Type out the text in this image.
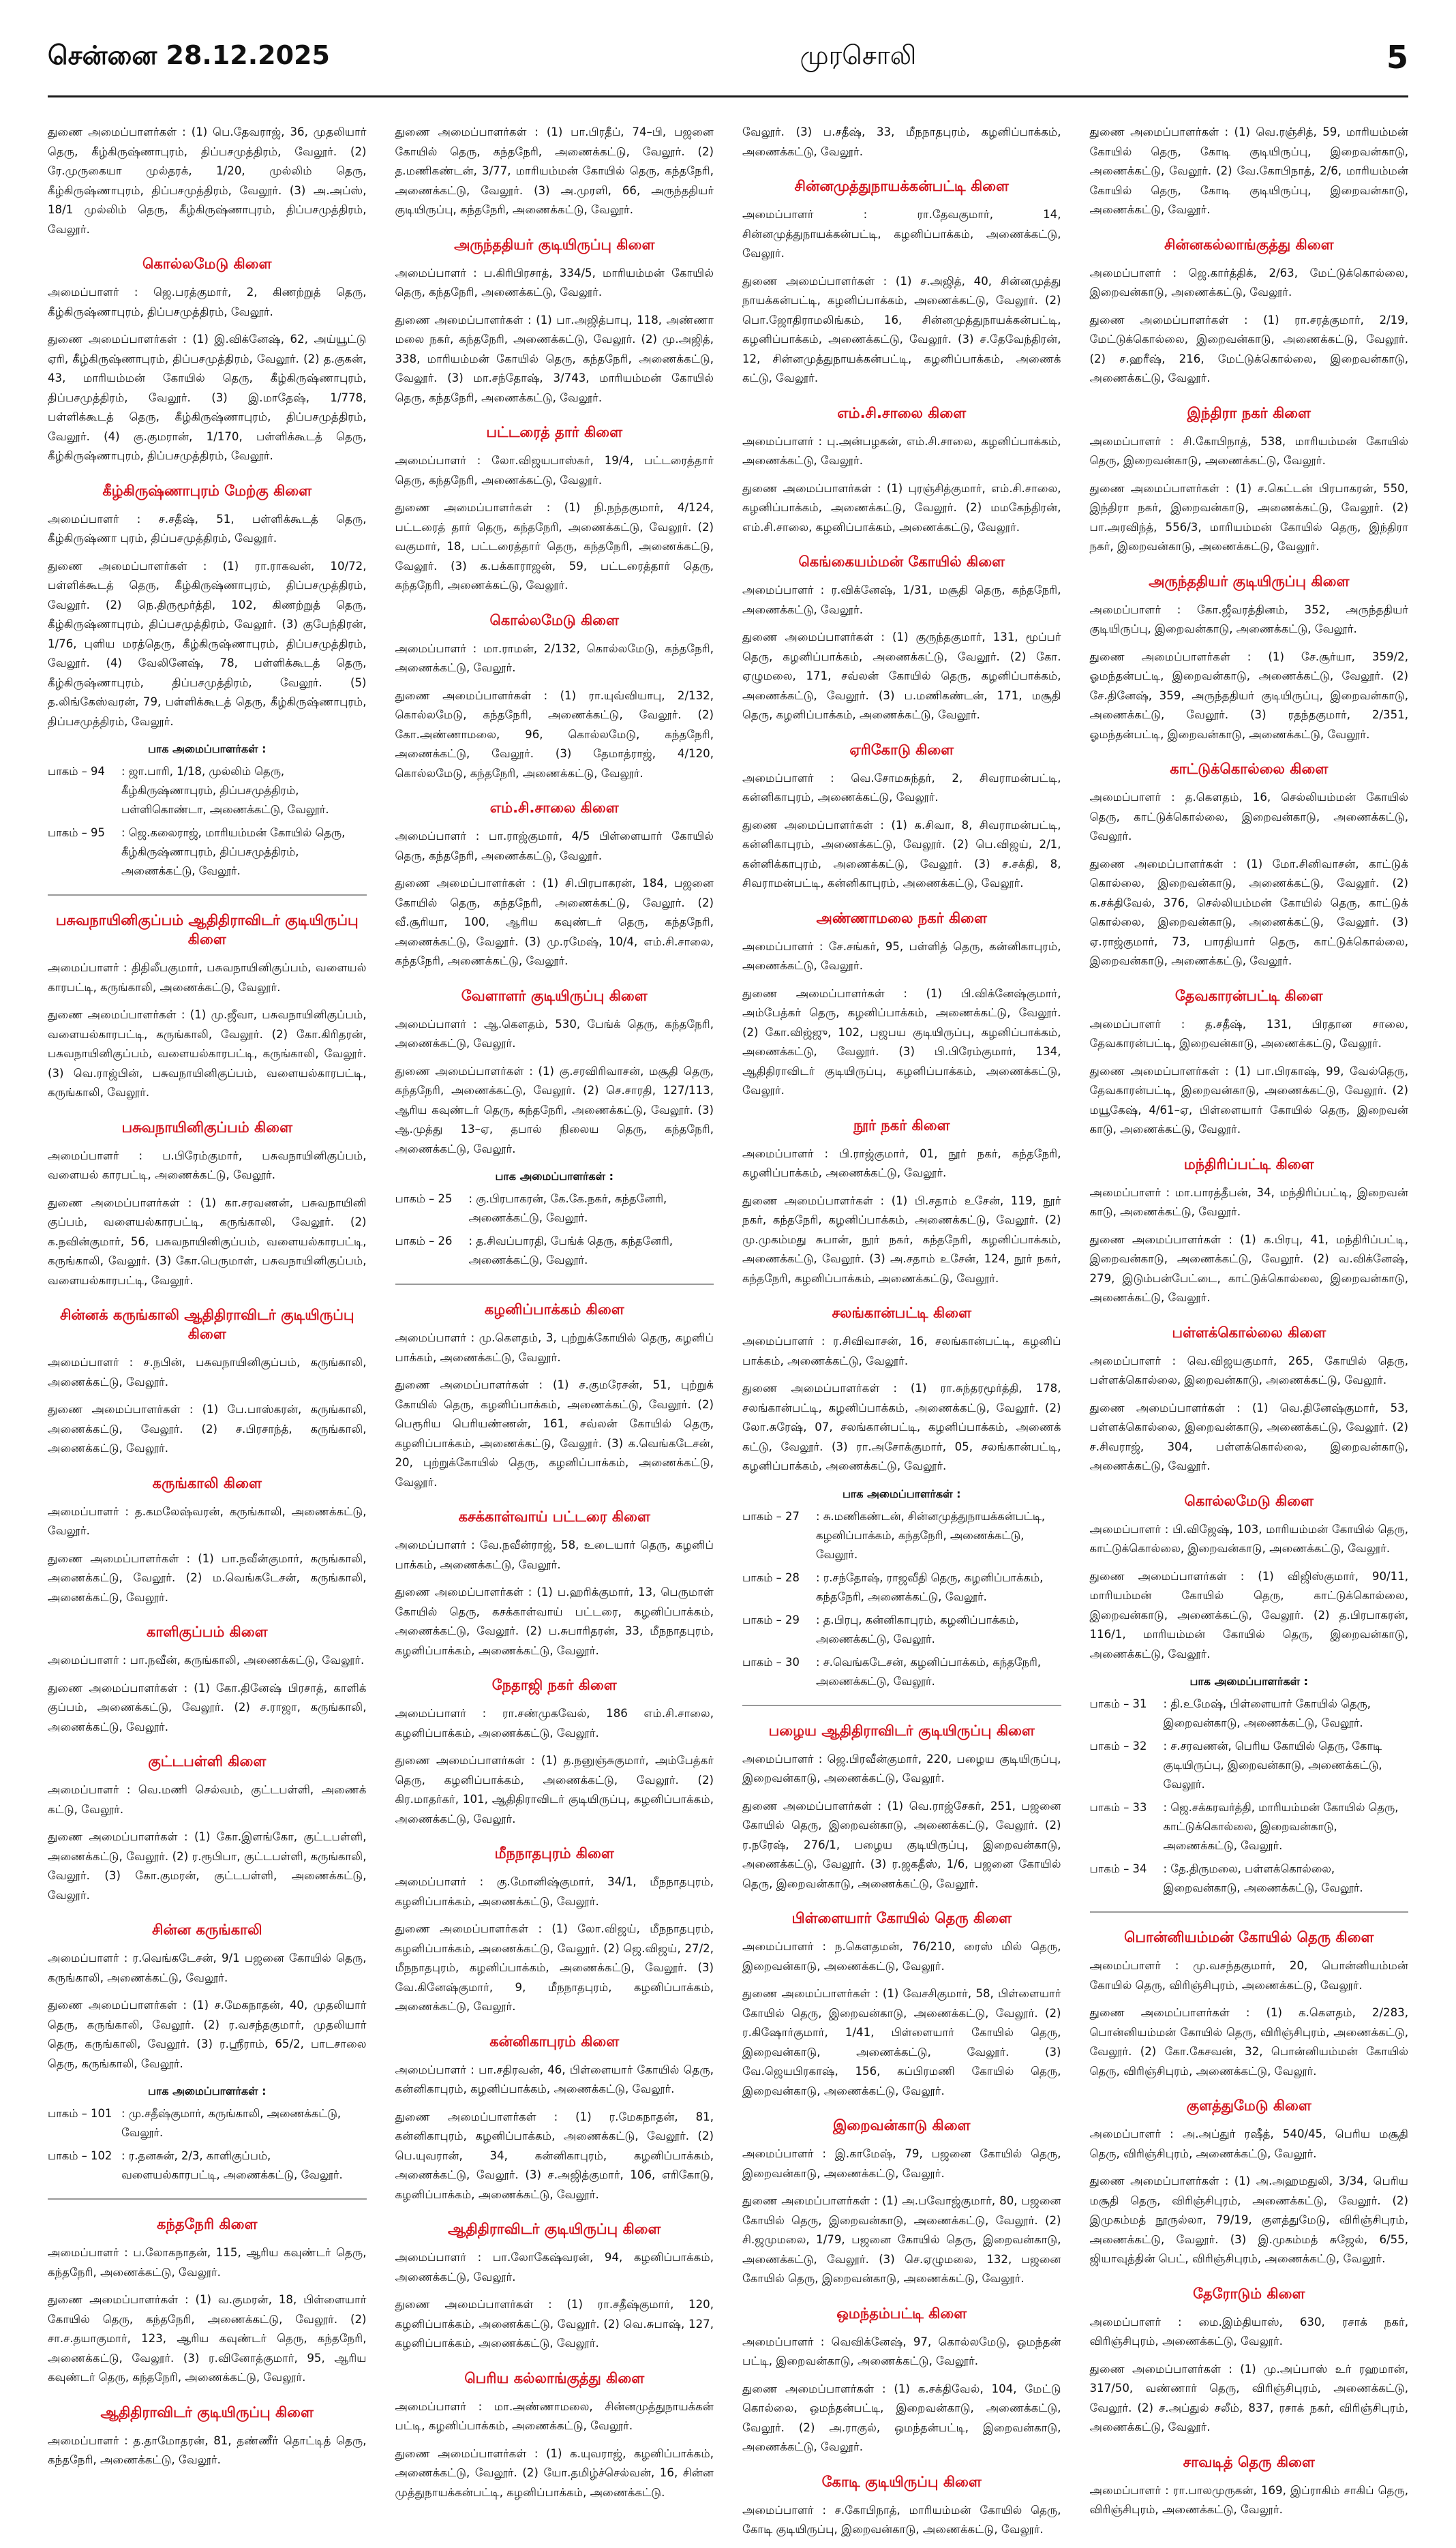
சென்னை 28.12.2025	முரசொலி	5

துணை அமைப்பாளர்கள் : (1) பெ.தேவராஜ், 36, முதலியார் தெரு, கீழ்கிருஷ்ணாபுரம், திப்பசமுத்திரம், வேலூர். (2) ரே.முருகையா முல்தரக், 1/20, முல்லிம் தெரு, கீழ்கிருஷ்ணாபுரம், திப்பசமுத்திரம், வேலூர். (3) அ.அப்ஸ், 18/1 முல்லிம் தெரு, கீழ்கிருஷ்ணாபுரம், திப்பசமுத்திரம், வேலூர்.

கொல்லமேடு கிளை

அமைப்பாளர் : ஜெ.பரத்குமார், 2, கிணற்றுத் தெரு, கீழ்கிருஷ்ணாபுரம், திப்பசமுத்திரம், வேலூர்.

துணை அமைப்பாளர்கள் : (1) இ.விக்னேஷ், 62, அய்யூட்டு ஏரி, கீழ்கிருஷ்ணாபுரம், திப்பசமுத்திரம், வேலூர். (2) த.குகன், 43, மாரியம்மன் கோயில் தெரு, கீழ்கிருஷ்ணாபுரம், திப்பசமுத்திரம், வேலூர். (3) இ.மாதேஷ், 1/778, பள்ளிக்கூடத் தெரு, கீழ்கிருஷ்ணாபுரம், திப்பசமுத்திரம், வேலூர். (4) கு.குமரான், 1/170, பள்ளிக்கூடத் தெரு, கீழ்கிருஷ்ணாபுரம், திப்பசமுத்திரம், வேலூர்.

கீழ்கிருஷ்ணாபுரம் மேற்கு கிளை

அமைப்பாளர் : ச.சதீஷ், 51, பள்ளிக்கூடத் தெரு, கீழ்கிருஷ்ணா புரம், திப்பசமுத்திரம், வேலூர்.

துணை அமைப்பாளர்கள் : (1) ரா.ராகவன், 10/72, பள்ளிக்கூடத் தெரு, கீழ்கிருஷ்ணாபுரம், திப்பசமுத்திரம், வேலூர். (2) நெ.திருமூர்த்தி, 102, கிணற்றுத் தெரு, கீழ்கிருஷ்ணாபுரம், திப்பசமுத்திரம், வேலூர். (3) குபேந்திரன், 1/76, புளிய மரத்தெரு, கீழ்கிருஷ்ணாபுரம், திப்பசமுத்திரம், வேலூர். (4) வேலினேஷ், 78, பள்ளிக்கூடத் தெரு, கீழ்கிருஷ்ணாபுரம், திப்பசமுத்திரம், வேலூர். (5) த.லிங்கேஸ்வரன், 79, பள்ளிக்கூடத் தெரு, கீழ்கிருஷ்ணாபுரம், திப்பசமுத்திரம், வேலூர்.

பாக அமைப்பாளர்கள் :
பாகம் – 94	: ஜா.பாரி, 1/18, முல்லிம் தெரு, கீழ்கிருஷ்ணாபுரம், திப்பசமுத்திரம், பள்ளிகொண்டா, அணைக்கட்டு, வேலூர்.
பாகம் – 95	: ஜெ.கலைராஜ், மாரியம்மன் கோயில் தெரு, கீழ்கிருஷ்ணாபுரம், திப்பசமுத்திரம், அணைக்கட்டு, வேலூர்.
பசுவநாயினிகுப்பம் ஆதிதிராவிடர் குடியிருப்பு கிளை

அமைப்பாளர் : திதிலீபகுமார், பசுவநாயினிகுப்பம், வளையல் காரபட்டி, கருங்காலி, அணைக்கட்டு, வேலூர்.

துணை அமைப்பாளர்கள் : (1) மு.ஜீவா, பசுவநாயினிகுப்பம், வளையல்காரபட்டி, கருங்காலி, வேலூர். (2) கோ.கிரிதரன், பசுவநாயினிகுப்பம், வளையல்காரபட்டி, கருங்காலி, வேலூர். (3) வெ.ராஜ்பின், பசுவநாயினிகுப்பம், வளையல்காரபட்டி, கருங்காலி, வேலூர்.

பசுவநாயினிகுப்பம் கிளை

அமைப்பாளர் : ப.பிரேம்குமார், பசுவநாயினிகுப்பம், வளையல் காரபட்டி, அணைக்கட்டு, வேலூர்.

துணை அமைப்பாளர்கள் : (1) கா.சரவணன், பசுவநாயினி குப்பம், வளையல்காரபட்டி, கருங்காலி, வேலூர். (2) க.நவின்குமார், 56, பசுவநாயினிகுப்பம், வளையல்காரபட்டி, கருங்காலி, வேலூர். (3) கோ.பெருமாள், பசுவநாயினிகுப்பம், வளையல்காரபட்டி, வேலூர்.

சின்னக் கருங்காலி ஆதிதிராவிடர் குடியிருப்பு கிளை

அமைப்பாளர் : ச.நபின், பசுவநாயினிகுப்பம், கருங்காலி, அணைக்கட்டு, வேலூர்.

துணை அமைப்பாளர்கள் : (1) பே.பாஸ்கரன், கருங்காலி, அணைக்கட்டு, வேலூர். (2) ச.பிரசாந்த், கருங்காலி, அணைக்கட்டு, வேலூர்.

கருங்காலி கிளை

அமைப்பாளர் : த.கமலேஷ்வரன், கருங்காலி, அணைக்கட்டு, வேலூர்.

துணை அமைப்பாளர்கள் : (1) பா.நவீன்குமார், கருங்காலி, அணைக்கட்டு, வேலூர். (2) ம.வெங்கடேசன், கருங்காலி, அணைக்கட்டு, வேலூர்.

காளிகுப்பம் கிளை

அமைப்பாளர் : பா.நவீன், கருங்காலி, அணைக்கட்டு, வேலூர்.

துணை அமைப்பாளர்கள் : (1) கோ.தினேஷ் பிரசாத், காளிக் குப்பம், அணைக்கட்டு, வேலூர். (2) ச.ராஜா, கருங்காலி, அணைக்கட்டு, வேலூர்.

குட்டபள்ளி கிளை

அமைப்பாளர் : வெ.மணி செல்வம், குட்டபள்ளி, அணைக் கட்டு, வேலூர்.

துணை அமைப்பாளர்கள் : (1) கோ.இளங்கோ, குட்டபள்ளி, அணைக்கட்டு, வேலூர். (2) ர.ரூபிபா, குட்டபள்ளி, கருங்காலி, வேலூர். (3) கோ.குமரன், குட்டபள்ளி, அணைக்கட்டு, வேலூர்.

சின்ன கருங்காலி

அமைப்பாளர் : ர.வெங்கடேசன், 9/1 பஜனை கோயில் தெரு, கருங்காலி, அணைக்கட்டு, வேலூர்.

துணை அமைப்பாளர்கள் : (1) ச.மேகநாதன், 40, முதலியார் தெரு, கருங்காலி, வேலூர். (2) ர.வசந்தகுமார், முதலியார் தெரு, கருங்காலி, வேலூர். (3) ர.ஸ்ரீராம், 65/2, பாடசாலை தெரு, கருங்காலி, வேலூர்.

பாக அமைப்பாளர்கள் :
பாகம் – 101 : மு.சதீஷ்குமார், கருங்காலி, அணைக்கட்டு, வேலூர்.
பாகம் – 102 : ர.தனசுன், 2/3, காளிகுப்பம், வளையல்காரபட்டி, அணைக்கட்டு, வேலூர்.
கந்தநேரி கிளை

அமைப்பாளர் : ப.லோகநாதன், 115, ஆரிய கவுண்டர் தெரு, கந்தநேரி, அணைக்கட்டு, வேலூர்.

துணை அமைப்பாளர்கள் : (1) வ.குமரன், 18, பிள்ளையார் கோயில் தெரு, கந்தநேரி, அணைக்கட்டு, வேலூர். (2) சா.ச.தயாகுமார், 123, ஆரிய கவுண்டர் தெரு, கந்தநேரி, அணைக்கட்டு, வேலூர். (3) ர.வினோத்குமார், 95, ஆரிய கவுண்டர் தெரு, கந்தநேரி, அணைக்கட்டு, வேலூர்.

ஆதிதிராவிடர் குடியிருப்பு கிளை

அமைப்பாளர் : த.தாமோதரன், 81, தண்ணீர் தொட்டித் தெரு, கந்தநேரி, அணைக்கட்டு, வேலூர்.

துணை அமைப்பாளர்கள் : (1) பா.பிரதீப், 74–பி, பஜனை கோயில் தெரு, கந்தநேரி, அணைக்கட்டு, வேலூர். (2) த.மணிகண்டன், 3/77, மாரியம்மன் கோயில் தெரு, கந்தநேரி, அணைக்கட்டு, வேலூர். (3) அ.முரளி, 66, அருந்ததியர் குடியிருப்பு, கந்தநேரி, அணைக்கட்டு, வேலூர்.

அருந்ததியர் குடியிருப்பு கிளை

அமைப்பாளர் : ப.கிரிபிரசாத், 334/5, மாரியம்மன் கோயில் தெரு, கந்தநேரி, அணைக்கட்டு, வேலூர்.

துணை அமைப்பாளர்கள் : (1) பா.அஜித்பாபு, 118, அண்ணா மலை நகர், கந்தநேரி, அணைக்கட்டு, வேலூர். (2) மு.அஜித், 338, மாரியம்மன் கோயில் தெரு, கந்தநேரி, அணைக்கட்டு, வேலூர். (3) மா.சந்தோஷ், 3/743, மாரியம்மன் கோயில் தெரு, கந்தநேரி, அணைக்கட்டு, வேலூர்.

பட்டரைத் தார் கிளை

அமைப்பாளர் : லோ.விஜயபாஸ்கர், 19/4, பட்டரைத்தார் தெரு, கந்தநேரி, அணைக்கட்டு, வேலூர்.

துணை அமைப்பாளர்கள் : (1) நி.நந்தகுமார், 4/124, பட்டரைத் தார் தெரு, கந்தநேரி, அணைக்கட்டு, வேலூர். (2) வகுமார், 18, பட்டரைத்தார் தெரு, கந்தநேரி, அணைக்கட்டு, வேலூர். (3) க.பக்காராஜன், 59, பட்டரைத்தார் தெரு, கந்தநேரி, அணைக்கட்டு, வேலூர்.

கொல்லமேடு கிளை

அமைப்பாளர் : மா.ராமன், 2/132, கொல்லமேடு, கந்தநேரி, அணைக்கட்டு, வேலூர்.

துணை அமைப்பாளர்கள் : (1) ரா.யுவ்வியாபு, 2/132, கொல்லமேடு, கந்தநேரி, அணைக்கட்டு, வேலூர். (2) கோ.அண்ணாமலை, 96, கொல்லமேடு, கந்தநேரி, அணைக்கட்டு, வேலூர். (3) தேமாத்ராஜ், 4/120, கொல்லமேடு, கந்தநேரி, அணைக்கட்டு, வேலூர்.

எம்.சி.சாலை கிளை

அமைப்பாளர் : பா.ராஜ்குமார், 4/5 பிள்ளையார் கோயில் தெரு, கந்தநேரி, அணைக்கட்டு, வேலூர்.

துணை அமைப்பாளர்கள் : (1) சி.பிரபாகரன், 184, பஜனை கோயில் தெரு, கந்தநேரி, அணைக்கட்டு, வேலூர். (2) வீ.சூரியா, 100, ஆரிய கவுண்டர் தெரு, கந்தநேரி, அணைக்கட்டு, வேலூர். (3) மு.ரமேஷ், 10/4, எம்.சி.சாலை, கந்தநேரி, அணைக்கட்டு, வேலூர்.

வேளாளர் குடியிருப்பு கிளை

அமைப்பாளர் : ஆ.கௌதம், 530, பேங்க் தெரு, கந்தநேரி, அணைக்கட்டு, வேலூர்.

துணை அமைப்பாளர்கள் : (1) கு.சரவிரிவாசன், மசூதி தெரு, கந்தநேரி, அணைக்கட்டு, வேலூர். (2) செ.சாரதி, 127/113, ஆரிய கவுண்டர் தெரு, கந்தநேரி, அணைக்கட்டு, வேலூர். (3) ஆ.முத்து 13–ஏ, தபால் நிலைய தெரு, கந்தநேரி, அணைக்கட்டு, வேலூர்.

பாக அமைப்பாளர்கள் :
பாகம் – 25	: கு.பிரபாகரன், கே.கே.நகர், கந்தனேரி, அணைக்கட்டு, வேலூர்.
பாகம் – 26	: த.சிவப்பாரதி, பேங்க் தெரு, கந்தனேரி, அணைக்கட்டு, வேலூர்.
கழனிப்பாக்கம் கிளை

அமைப்பாளர் : மு.கௌதம், 3, புற்றுக்கோயில் தெரு, கழனிப் பாக்கம், அணைக்கட்டு, வேலூர்.

துணை அமைப்பாளர்கள் : (1) ச.குமரேசன், 51, புற்றுக் கோயில் தெரு, கழனிப்பாக்கம், அணைக்கட்டு, வேலூர். (2) பெரூரிய பெரியண்ணன், 161, சவ்லன் கோயில் தெரு, கழனிப்பாக்கம், அணைக்கட்டு, வேலூர். (3) க.வெங்கடேசன், 20, புற்றுக்கோயில் தெரு, கழனிப்பாக்கம், அணைக்கட்டு, வேலூர்.

கசக்காள்வாய் பட்டரை கிளை

அமைப்பாளர் : வே.நவீன்ராஜ், 58, உடையார் தெரு, கழனிப் பாக்கம், அணைக்கட்டு, வேலூர்.

துணை அமைப்பாளர்கள் : (1) ப.ஹரிக்குமார், 13, பெருமாள் கோயில் தெரு, கசக்காள்வாய் பட்டரை, கழனிப்பாக்கம், அணைக்கட்டு, வேலூர். (2) ப.சுபாரிதரன், 33, மீநநாதபுரம், கழனிப்பாக்கம், அணைக்கட்டு, வேலூர்.

நேதாஜி நகர் கிளை

அமைப்பாளர் : ரா.சண்முகவேல், 186 எம்.சி.சாலை, கழனிப்பாக்கம், அணைக்கட்டு, வேலூர்.

துணை அமைப்பாளர்கள் : (1) த.நனுஞ்சுகுமார், அம்பேத்கர் தெரு, கழனிப்பாக்கம், அணைக்கட்டு, வேலூர். (2) கிர.மாதர்கர், 101, ஆதிதிராவிடர் குடியிருப்பு, கழனிப்பாக்கம், அணைக்கட்டு, வேலூர்.

மீநநாதபுரம் கிளை

அமைப்பாளர் : கு.மோனிஷ்குமார், 34/1, மீநநாதபுரம், கழனிப்பாக்கம், அணைக்கட்டு, வேலூர்.

துணை அமைப்பாளர்கள் : (1) லோ.விஜய், மீநநாதபுரம், கழனிப்பாக்கம், அணைக்கட்டு, வேலூர். (2) ஜெ.விஜய், 27/2, மீநநாதபுரம், கழனிப்பாக்கம், அணைக்கட்டு, வேலூர். (3) வே.கினேஷ்குமார், 9, மீநநாதபுரம், கழனிப்பாக்கம், அணைக்கட்டு, வேலூர்.

கன்னிகாபுரம் கிளை

அமைப்பாளர் : பா.சதிரவன், 46, பிள்ளையார் கோயில் தெரு, கன்னிகாபுரம், கழனிப்பாக்கம், அணைக்கட்டு, வேலூர்.

துணை அமைப்பாளர்கள் : (1) ர.மேகநாதன், 81, கன்னிகாபுரம், கழனிப்பாக்கம், அணைக்கட்டு, வேலூர். (2) பெ.யுவரான், 34, கன்னிகாபுரம், கழனிப்பாக்கம், அணைக்கட்டு, வேலூர். (3) ச.அஜித்குமார், 106, எரிகோடு, கழனிப்பாக்கம், அணைக்கட்டு, வேலூர்.

ஆதிதிராவிடர் குடியிருப்பு கிளை

அமைப்பாளர் : பா.லோகேஷ்வரன், 94, கழனிப்பாக்கம், அணைக்கட்டு, வேலூர்.

துணை அமைப்பாளர்கள் : (1) ரா.சதீஷ்குமார், 120, கழனிப்பாக்கம், அணைக்கட்டு, வேலூர். (2) வெ.சுபாஷ், 127, கழனிப்பாக்கம், அணைக்கட்டு, வேலூர்.

பெரிய கல்லாங்குத்து கிளை

அமைப்பாளர் : மா.அண்ணாமலை, சின்னமுத்துநாயக்கன் பட்டி, கழனிப்பாக்கம், அணைக்கட்டு, வேலூர்.

துணை அமைப்பாளர்கள் : (1) க.யுவராஜ், கழனிப்பாக்கம், அணைக்கட்டு, வேலூர். (2) யோ.தமிழ்ச்செல்வன், 16, சின்ன முத்துநாயக்கன்பட்டி, கழனிப்பாக்கம், அணைக்கட்டு.

வேலூர். (3) ப.சதீஷ், 33, மீநநாதபுரம், கழனிப்பாக்கம், அணைக்கட்டு, வேலூர்.

சின்னமுத்துநாயக்கன்பட்டி கிளை

அமைப்பாளர் : ரா.தேவகுமார், 14, சின்னமுத்துநாயக்கன்பட்டி, கழனிப்பாக்கம், அணைக்கட்டு, வேலூர்.

துணை அமைப்பாளர்கள் : (1) ச.அஜித், 40, சின்னமுத்து நாயக்கன்பட்டி, கழனிப்பாக்கம், அணைக்கட்டு, வேலூர். (2) பொ.ஜோதிராமலிங்கம், 16, சின்னமுத்துநாயக்கன்பட்டி, கழனிப்பாக்கம், அணைக்கட்டு, வேலூர். (3) ச.தேவேந்திரன், 12, சின்னமுத்துநாயக்கன்பட்டி, கழனிப்பாக்கம், அணைக் கட்டு, வேலூர்.

எம்.சி.சாலை கிளை

அமைப்பாளர் : பு.அன்பழகன், எம்.சி.சாலை, கழனிப்பாக்கம், அணைக்கட்டு, வேலூர்.

துணை அமைப்பாளர்கள் : (1) புரஞ்சித்குமார், எம்.சி.சாலை, கழனிப்பாக்கம், அணைக்கட்டு, வேலூர். (2) மமகேந்திரன், எம்.சி.சாலை, கழனிப்பாக்கம், அணைக்கட்டு, வேலூர்.

கெங்கையம்மன் கோயில் கிளை

அமைப்பாளர் : ர.விக்னேஷ், 1/31, மசூதி தெரு, கந்தநேரி, அணைக்கட்டு, வேலூர்.

துணை அமைப்பாளர்கள் : (1) குருந்தகுமார், 131, மூப்பர் தெரு, கழனிப்பாக்கம், அணைக்கட்டு, வேலூர். (2) கோ. ஏழுமலை, 171, சவ்லன் கோயில் தெரு, கழனிப்பாக்கம், அணைக்கட்டு, வேலூர். (3) ப.மணிகண்டன், 171, மசூதி தெரு, கழனிப்பாக்கம், அணைக்கட்டு, வேலூர்.

ஏரிகோடு கிளை

அமைப்பாளர் : வெ.சோமசுந்தர், 2, சிவராமன்பட்டி, கன்னிகாபுரம், அணைக்கட்டு, வேலூர்.

துணை அமைப்பாளர்கள் : (1) க.சிவா, 8, சிவராமன்பட்டி, கன்னிகாபுரம், அணைக்கட்டு, வேலூர். (2) பெ.விஜய், 2/1, கன்னிக்காபுரம், அணைக்கட்டு, வேலூர். (3) ச.சக்தி, 8, சிவராமன்பட்டி, கன்னிகாபுரம், அணைக்கட்டு, வேலூர்.

அண்ணாமலை நகர் கிளை

அமைப்பாளர் : சே.சங்கர், 95, பள்ளித் தெரு, கன்னிகாபுரம், அணைக்கட்டு, வேலூர்.

துணை அமைப்பாளர்கள் : (1) பி.விக்னேஷ்குமார், அம்பேத்கர் தெரு, கழனிப்பாக்கம், அணைக்கட்டு, வேலூர். (2) கோ.விஜ்ஜு, 102, பஜபய குடியிருப்பு, கழனிப்பாக்கம், அணைக்கட்டு, வேலூர். (3) பி.பிரேம்குமார், 134, ஆதிதிராவிடர் குடியிருப்பு, கழனிப்பாக்கம், அணைக்கட்டு, வேலூர்.

நூர் நகர் கிளை

அமைப்பாளர் : பி.ராஜ்குமார், 01, நூர் நகர், கந்தநேரி, கழனிப்பாக்கம், அணைக்கட்டு, வேலூர்.

துணை அமைப்பாளர்கள் : (1) பி.சதாம் உசேன், 119, நூர் நகர், கந்தநேரி, கழனிப்பாக்கம், அணைக்கட்டு, வேலூர். (2) மு.முகம்மது சுபான், நூர் நகர், கந்தநேரி, கழனிப்பாக்கம், அணைக்கட்டு, வேலூர். (3) அ.சதாம் உசேன், 124, நூர் நகர், கந்தநேரி, கழனிப்பாக்கம், அணைக்கட்டு, வேலூர்.

சலங்கான்பட்டி கிளை

அமைப்பாளர் : ர.சிவிவாசன், 16, சலங்கான்பட்டி, கழனிப் பாக்கம், அணைக்கட்டு, வேலூர்.

துணை அமைப்பாளர்கள் : (1) ரா.சுந்தரமூர்த்தி, 178, சலங்கான்பட்டி, கழனிப்பாக்கம், அணைக்கட்டு, வேலூர். (2) லோ.சுரேஷ், 07, சலங்கான்பட்டி, கழனிப்பாக்கம், அணைக் கட்டு, வேலூர். (3) ரா.அசோக்குமார், 05, சலங்கான்பட்டி, கழனிப்பாக்கம், அணைக்கட்டு, வேலூர்.

பாக அமைப்பாளர்கள் :
பாகம் – 27	: சு.மணிகண்டன், சின்னமுத்துநாயக்கன்பட்டி, கழனிப்பாக்கம், கந்தநேரி, அணைக்கட்டு, வேலூர்.
பாகம் – 28	: ர.சந்தோஷ், ராஜவீதி தெரு, கழனிப்பாக்கம், கந்தநேரி, அணைக்கட்டு, வேலூர்.
பாகம் – 29	: த.பிரபு, கன்னிகாபுரம், கழனிப்பாக்கம், அணைக்கட்டு, வேலூர்.
பாகம் – 30	: ச.வெங்கடேசன், கழனிப்பாக்கம், கந்தநேரி, அணைக்கட்டு, வேலூர்.
பழைய ஆதிதிராவிடர் குடியிருப்பு கிளை

அமைப்பாளர் : ஜெ.பிரவீன்குமார், 220, பழைய குடியிருப்பு, இறைவன்காடு, அணைக்கட்டு, வேலூர்.

துணை அமைப்பாளர்கள் : (1) வெ.ராஜ்சேகர், 251, பஜனை கோயில் தெரு, இறைவன்காடு, அணைக்கட்டு, வேலூர். (2) ர.நரேஷ், 276/1, பழைய குடியிருப்பு, இறைவன்காடு, அணைக்கட்டு, வேலூர். (3) ர.ஜகதீஸ், 1/6, பஜனை கோயில் தெரு, இறைவன்காடு, அணைக்கட்டு, வேலூர்.

பிள்ளையார் கோயில் தெரு கிளை

அமைப்பாளர் : ந.கௌதமன், 76/210, ரைஸ் மில் தெரு, இறைவன்காடு, அணைக்கட்டு, வேலூர்.

துணை அமைப்பாளர்கள் : (1) வேசசிகுமார், 58, பிள்ளையார் கோயில் தெரு, இறைவன்காடு, அணைக்கட்டு, வேலூர். (2) ர.கிஷோர்குமார், 1/41, பிள்ளையார் கோயில் தெரு, இறைவன்காடு, அணைக்கட்டு, வேலூர். (3) வே.ஜெயபிரகாஷ், 156, கப்பிரமணி கோயில் தெரு, இறைவன்காடு, அணைக்கட்டு, வேலூர்.

இறைவன்காடு கிளை

அமைப்பாளர் : இ.காமேஷ், 79, பஜனை கோயில் தெரு, இறைவன்காடு, அணைக்கட்டு, வேலூர்.

துணை அமைப்பாளர்கள் : (1) அ.பவோஜ்குமார், 80, பஜனை கோயில் தெரு, இறைவன்காடு, அணைக்கட்டு, வேலூர். (2) சி.ஜமுமலை, 1/79, பஜனை கோயில் தெரு, இறைவன்காடு, அணைக்கட்டு, வேலூர். (3) செ.ஏழுமலை, 132, பஜனை கோயில் தெரு, இறைவன்காடு, அணைக்கட்டு, வேலூர்.

ஒமந்தம்பட்டி கிளை

அமைப்பாளர் : வெவிக்னேஷ், 97, கொல்லமேடு, ஒமந்தன் பட்டி, இறைவன்காடு, அணைக்கட்டு, வேலூர்.

துணை அமைப்பாளர்கள் : (1) க.சக்திவேல், 104, மேட்டு கொல்லை, ஒமந்தன்பட்டி, இறைவன்காடு, அணைக்கட்டு, வேலூர். (2) அ.ராகுல், ஒமந்தன்பட்டி, இறைவன்காடு, அணைக்கட்டு, வேலூர்.

கோடி குடியிருப்பு கிளை

அமைப்பாளர் : ச.கோபிநாத், மாரியம்மன் கோயில் தெரு, கோடி குடியிருப்பு, இறைவன்காடு, அணைக்கட்டு, வேலூர்.

துணை அமைப்பாளர்கள் : (1) வெ.ரஞ்சித், 59, மாரியம்மன் கோயில் தெரு, கோடி குடியிருப்பு, இறைவன்காடு, அணைக்கட்டு, வேலூர். (2) வே.கோபிநாத், 2/6, மாரியம்மன் கோயில் தெரு, கோடி குடியிருப்பு, இறைவன்காடு, அணைக்கட்டு, வேலூர்.

சின்னகல்லாங்குத்து கிளை

அமைப்பாளர் : ஜெ.கார்த்திக், 2/63, மேட்டுக்கொல்லை, இறைவன்காடு, அணைக்கட்டு, வேலூர்.

துணை அமைப்பாளர்கள் : (1) ரா.சரத்குமார், 2/19, மேட்டுக்கொல்லை, இறைவன்காடு, அணைக்கட்டு, வேலூர். (2) ச.ஹரீஷ், 216, மேட்டுக்கொல்லை, இறைவன்காடு, அணைக்கட்டு, வேலூர்.

இந்திரா நகர் கிளை

அமைப்பாளர் : சி.கோபிநாத், 538, மாரியம்மன் கோயில் தெரு, இறைவன்காடு, அணைக்கட்டு, வேலூர்.

துணை அமைப்பாளர்கள் : (1) ச.கெட்டன் பிரபாகரன், 550, இந்திரா நகர், இறைவன்காடு, அணைக்கட்டு, வேலூர். (2) பா.அரவிந்த், 556/3, மாரியம்மன் கோயில் தெரு, இந்திரா நகர், இறைவன்காடு, அணைக்கட்டு, வேலூர்.

அருந்ததியர் குடியிருப்பு கிளை

அமைப்பாளர் : கோ.ஜீவரத்தினம், 352, அருந்ததியர் குடியிருப்பு, இறைவன்காடு, அணைக்கட்டு, வேலூர்.

துணை அமைப்பாளர்கள் : (1) சே.சூர்யா, 359/2, ஓமந்தன்பட்டி, இறைவன்காடு, அணைக்கட்டு, வேலூர். (2) சே.தினேஷ், 359, அருந்ததியர் குடியிருப்பு, இறைவன்காடு, அணைக்கட்டு, வேலூர். (3) ரதந்தகுமார், 2/351, ஓமந்தன்பட்டி, இறைவன்காடு, அணைக்கட்டு, வேலூர்.

காட்டுக்கொல்லை கிளை

அமைப்பாளர் : த.கௌதம், 16, செல்லியம்மன் கோயில் தெரு, காட்டுக்கொல்லை, இறைவன்காடு, அணைக்கட்டு, வேலூர்.

துணை அமைப்பாளர்கள் : (1) மோ.சினிவாசன், காட்டுக் கொல்லை, இறைவன்காடு, அணைக்கட்டு, வேலூர். (2) க.சக்திவேல், 376, செல்லியம்மன் கோயில் தெரு, காட்டுக் கொல்லை, இறைவன்காடு, அணைக்கட்டு, வேலூர். (3) ஏ.ராஜ்குமார், 73, பாரதியார் தெரு, காட்டுக்கொல்லை, இறைவன்காடு, அணைக்கட்டு, வேலூர்.

தேவகாரன்பட்டி கிளை

அமைப்பாளர் : த.சதீஷ், 131, பிரதான சாலை, தேவகாரன்பட்டி, இறைவன்காடு, அணைக்கட்டு, வேலூர்.

துணை அமைப்பாளர்கள் : (1) பா.பிரகாஷ், 99, வேல்தெரு, தேவகாரன்பட்டி, இறைவன்காடு, அணைக்கட்டு, வேலூர். (2) மயூகேஷ், 4/61–ஏ, பிள்ளையார் கோயில் தெரு, இறைவன் காடு, அணைக்கட்டு, வேலூர்.

மந்திரிப்பட்டி கிளை

அமைப்பாளர் : மா.பாரத்தீபன், 34, மந்திரிப்பட்டி, இறைவன் காடு, அணைக்கட்டு, வேலூர்.

துணை அமைப்பாளர்கள் : (1) க.பிரபு, 41, மந்திரிப்பட்டி, இறைவன்காடு, அணைக்கட்டு, வேலூர். (2) வ.விக்னேஷ், 279, இடும்பன்பேட்டை, காட்டுக்கொல்லை, இறைவன்காடு, அணைக்கட்டு, வேலூர்.

பள்ளக்கொல்லை கிளை

அமைப்பாளர் : வெ.விஜயகுமார், 265, கோயில் தெரு, பள்ளக்கொல்லை, இறைவன்காடு, அணைக்கட்டு, வேலூர்.

துணை அமைப்பாளர்கள் : (1) வெ.தினேஷ்குமார், 53, பள்ளக்கொல்லை, இறைவன்காடு, அணைக்கட்டு, வேலூர். (2) ச.சிவராஜ், 304, பள்ளக்கொல்லை, இறைவன்காடு, அணைக்கட்டு, வேலூர்.

கொல்லமேடு கிளை

அமைப்பாளர் : பி.விஜேஷ், 103, மாரியம்மன் கோயில் தெரு, காட்டுக்கொல்லை, இறைவன்காடு, அணைக்கட்டு, வேலூர்.

துணை அமைப்பாளர்கள் : (1) விஜிஸ்குமார், 90/11, மாரியம்மன் கோயில் தெரு, காட்டுக்கொல்லை, இறைவன்காடு, அணைக்கட்டு, வேலூர். (2) த.பிரபாகரன், 116/1, மாரியம்மன் கோயில் தெரு, இறைவன்காடு, அணைக்கட்டு, வேலூர்.

பாக அமைப்பாளர்கள் :
பாகம் – 31	: தி.உமேஷ், பிள்ளையார் கோயில் தெரு, இறைவன்காடு, அணைக்கட்டு, வேலூர்.
பாகம் – 32	: ச.சரவணன், பெரிய கோயில் தெரு, கோடி குடியிருப்பு, இறைவன்காடு, அணைக்கட்டு, வேலூர்.
பாகம் – 33	: ஜெ.சக்கரவர்த்தி, மாரியம்மன் கோயில் தெரு, காட்டுக்கொல்லை, இறைவன்காடு, அணைக்கட்டு, வேலூர்.
பாகம் – 34	: தே.திருமலை, பள்ளக்கொல்லை, இறைவன்காடு, அணைக்கட்டு, வேலூர்.
பொன்னியம்மன் கோயில் தெரு கிளை

அமைப்பாளர் : மு.வசந்தகுமார், 20, பொன்னியம்மன் கோயில் தெரு, விரிஞ்சிபுரம், அணைக்கட்டு, வேலூர்.

துணை அமைப்பாளர்கள் : (1) க.கௌதம், 2/283, பொன்னியம்மன் கோயில் தெரு, விரிஞ்சிபுரம், அணைக்கட்டு, வேலூர். (2) கோ.கேசவன், 32, பொன்னியம்மன் கோயில் தெரு, விரிஞ்சிபுரம், அணைக்கட்டு, வேலூர்.

குளத்துமேடு கிளை

அமைப்பாளர் : அ.அப்துர் ரஷீத், 540/45, பெரிய மசூதி தெரு, விரிஞ்சிபுரம், அணைக்கட்டு, வேலூர்.

துணை அமைப்பாளர்கள் : (1) அ.அஹமதுலி, 3/34, பெரிய மசூதி தெரு, விரிஞ்சிபுரம், அணைக்கட்டு, வேலூர். (2) இமுகம்மத் நூருல்லா, 79/19, குளத்துமேடு, விரிஞ்சிபுரம், அணைக்கட்டு, வேலூர். (3) இ.முகம்மத் சுஜேல், 6/55, ஜியாவுத்தின் பெட், விரிஞ்சிபுரம், அணைக்கட்டு, வேலூர்.

தேரோடும் கிளை

அமைப்பாளர் : மை.இம்தியாஸ், 630, ரசாக் நகர், விரிஞ்சிபுரம், அணைக்கட்டு, வேலூர்.

துணை அமைப்பாளர்கள் : (1) மு.அப்பாஸ் உர் ரஹமான், 317/50, வண்ணார் தெரு, விரிஞ்சிபுரம், அணைக்கட்டு, வேலூர். (2) ச.அப்துல் சலீம், 837, ரசாக் நகர், விரிஞ்சிபுரம், அணைக்கட்டு, வேலூர்.

சாவடித் தெரு கிளை

அமைப்பாளர் : ரா.பாலமுருகன், 169, இப்ராகிம் சாகிப் தெரு, விரிஞ்சிபுரம், அணைக்கட்டு, வேலூர்.
